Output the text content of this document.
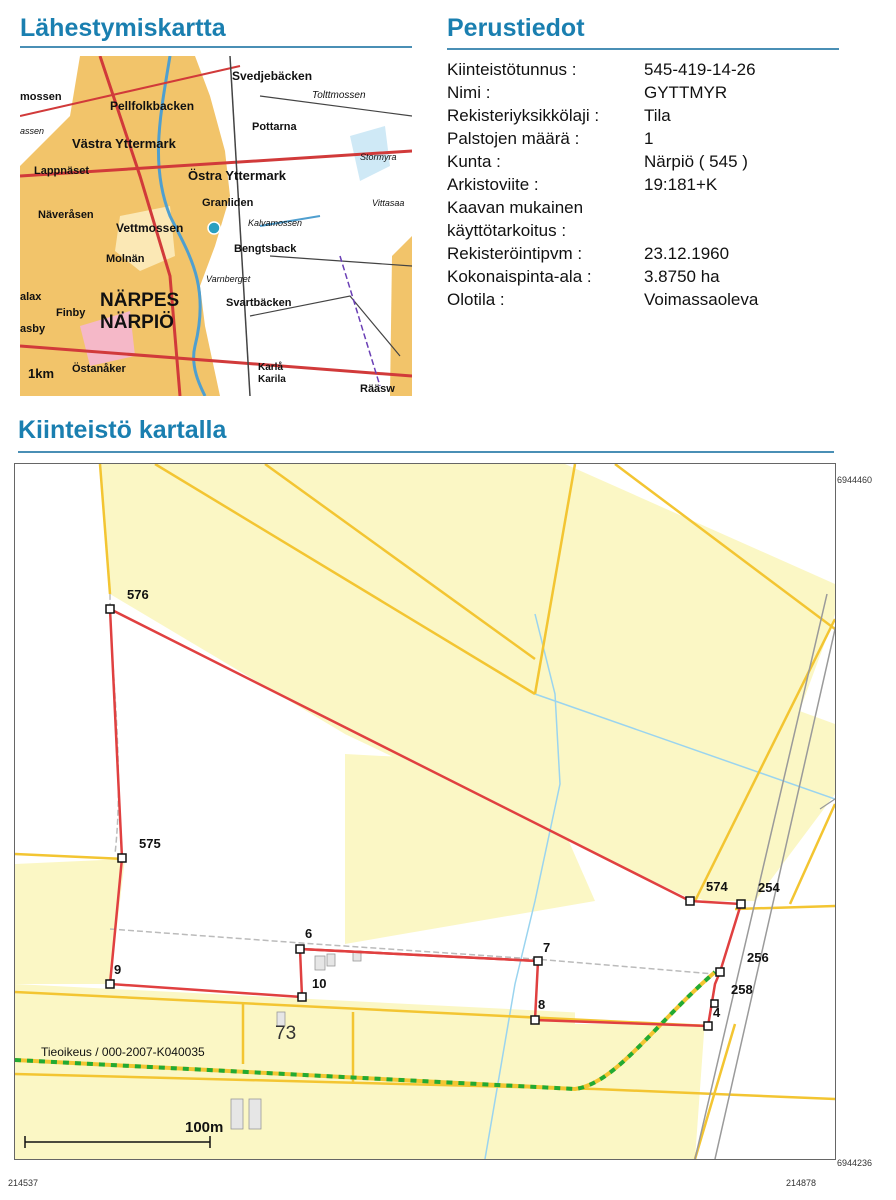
Lähestymiskartta	Perustiedot
Kiinteistö kartalla
Svedjebäcken
Tolttmossen
mossen
Pellfolkbacken
Pottarna
assen
Västra Yttermark
Stormyra
Lappnäset	Östra Yttermark
Granliden	Vittasaa
Näveråsen
Kalvamossen
Vettmossen
Bengtsback
Molnän
Varnberget
alax	NÄRPES	Svartbäcken
Finby NÄRPIÖ
asby
Karlå
Karila
Östanåker
1km
Rääsw
Kiinteistötunnus :	545-419-14-26
Nimi :	GYTTMYR
Rekisteriyksikkölaji :	Tila
Palstojen määrä :	1
Kunta :	Närpiö ( 545 )
Arkistoviite :	19:181+K
Kaavan mukainen
käyttötarkoitus :
Rekisteröintipvm :	23.12.1960
Kokonaispinta-ala :	3.8750 ha
Olotila :	Voimassaoleva
576
575
9
10
6
7
8
574 254
256
258
4
73
Tieoikeus / 000-2007-K040035
100m
6944460
6944236
214537	214878
